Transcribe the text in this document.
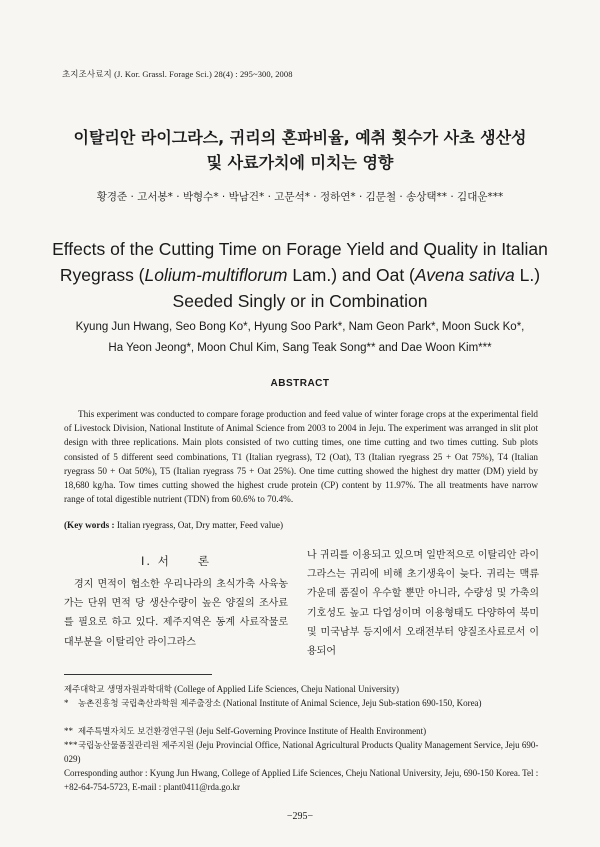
초지조사료지 (J. Kor. Grassl. Forage Sci.) 28(4) : 295~300, 2008
이탈리안 라이그라스, 귀리의 혼파비율, 예취 횟수가 사초 생산성
및 사료가치에 미치는 영향
황경준 · 고서봉* · 박형수* · 박남건* · 고문석* · 정하연* · 김문철 · 송상택** · 김대운***
Effects of the Cutting Time on Forage Yield and Quality in Italian Ryegrass (Lolium-multiflorum Lam.) and Oat (Avena sativa L.) Seeded Singly or in Combination
Kyung Jun Hwang, Seo Bong Ko*, Hyung Soo Park*, Nam Geon Park*, Moon Suck Ko*,
Ha Yeon Jeong*, Moon Chul Kim, Sang Teak Song** and Dae Woon Kim***
ABSTRACT

This experiment was conducted to compare forage production and feed value of winter forage crops at the experimental field of Livestock Division, National Institute of Animal Science from 2003 to 2004 in Jeju. The experiment was arranged in slit plot design with three replications. Main plots consisted of two cutting times, one time cutting and two times cutting. Sub plots consisted of 5 different seed combinations, T1 (Italian ryegrass), T2 (Oat), T3 (Italian ryegrass 25 + Oat 75%), T4 (Italian ryegrass 50 + Oat 50%), T5 (Italian ryegrass 75 + Oat 25%). One time cutting showed the highest dry matter (DM) yield by 18,680 kg/ha. Tow times cutting showed the highest crude protein (CP) content by 11.97%. The all treatments have narrow range of total digestible nutrient (TDN) from 60.6% to 70.4%.

(Key words : Italian ryegrass, Oat, Dry matter, Feed value)
Ⅰ. 서　　론

경지 면적이 협소한 우리나라의 초식가축 사육농가는 단위 면적 당 생산수량이 높은 양질의 조사료를 필요로 하고 있다. 제주지역은 동계 사료작물로 대부분을 이탈리안 라이그라스

나 귀리를 이용되고 있으며 일반적으로 이탈리안 라이그라스는 귀리에 비해 초기생육이 늦다. 귀리는 맥류 가운데 품질이 우수할 뿐만 아니라, 수량성 및 가축의 기호성도 높고 다업성이며 이용형태도 다양하여 북미 및 미국남부 등지에서 오래전부터 양질조사료로서 이용되어

제주대학교 생명자원과학대학 (College of Applied Life Sciences, Cheju National University)
* 농촌진흥청 국립축산과학원 제주출장소 (National Institute of Animal Science, Jeju Sub-station 690-150, Korea)
** 제주특별자치도 보건환경연구원 (Jeju Self-Governing Province Institute of Health Environment)
***국립농산물품질관리원 제주지원 (Jeju Provincial Office, National Agricultural Products Quality Management Service, Jeju 690-029)
Corresponding author : Kyung Jun Hwang, College of Applied Life Sciences, Cheju National University, Jeju, 690-150 Korea. Tel : +82-64-754-5723, E-mail : plant0411@rda.go.kr
−295−
